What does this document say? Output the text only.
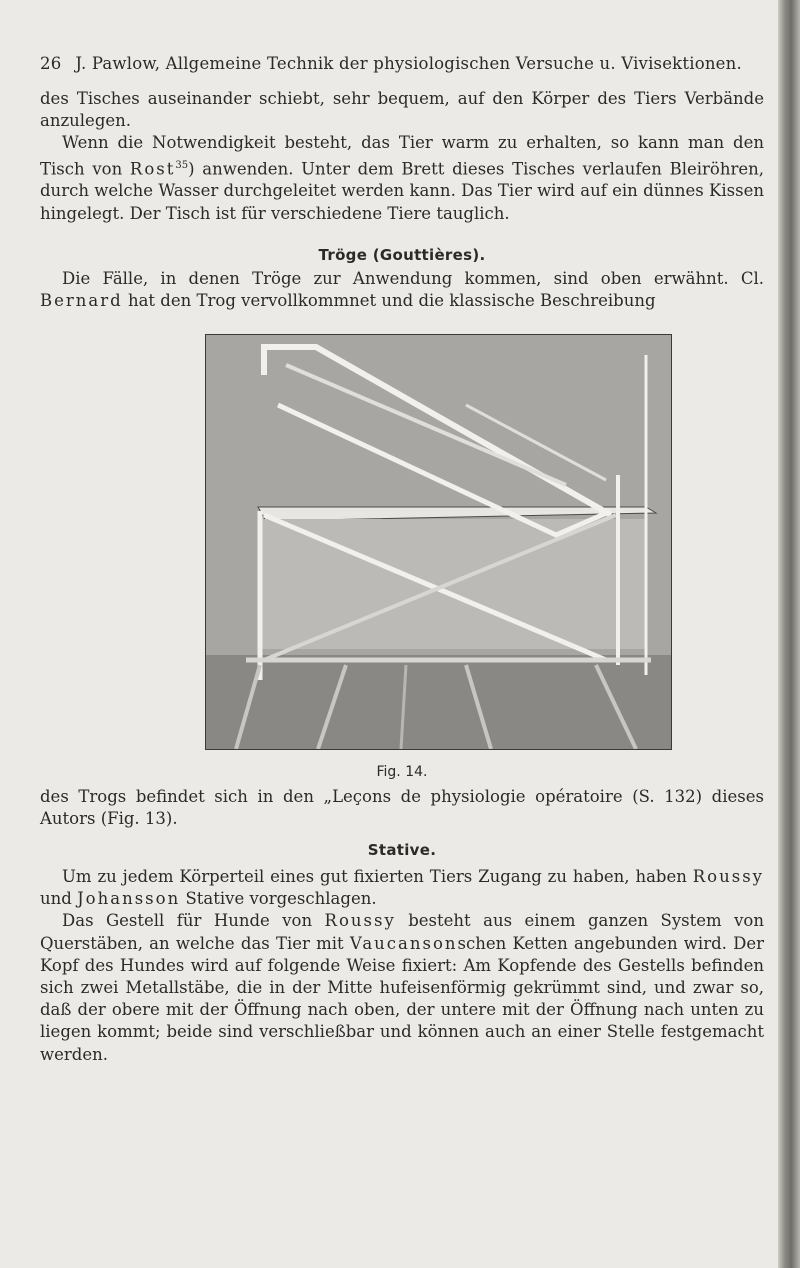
26 J. Pawlow, Allgemeine Technik der physiologischen Versuche u. Vivisektionen.

des Tisches auseinander schiebt, sehr bequem, auf den Körper des Tiers Verbände anzulegen.

Wenn die Notwendigkeit besteht, das Tier warm zu erhalten, so kann man den Tisch von Rost$^{35}$) anwenden. Unter dem Brett dieses Tisches verlaufen Bleiröhren, durch welche Wasser durchgeleitet werden kann. Das Tier wird auf ein dünnes Kissen hingelegt. Der Tisch ist für verschiedene Tiere tauglich.

Tröge (Gouttières).

Die Fälle, in denen Tröge zur Anwendung kommen, sind oben erwähnt. Cl. Bernard hat den Trog vervollkommnet und die klassische Beschreibung

Fig. 14.

des Trogs befindet sich in den „Leçons de physiologie opératoire (S. 132) dieses Autors (Fig. 13).

Stative.

Um zu jedem Körperteil eines gut fixierten Tiers Zugang zu haben, haben Roussy und Johansson Stative vorgeschlagen.

Das Gestell für Hunde von Roussy besteht aus einem ganzen System von Querstäben, an welche das Tier mit Vaucansonschen Ketten angebunden wird. Der Kopf des Hundes wird auf folgende Weise fixiert: Am Kopfende des Gestells befinden sich zwei Metallstäbe, die in der Mitte hufeisenförmig gekrümmt sind, und zwar so, daß der obere mit der Öffnung nach oben, der untere mit der Öffnung nach unten zu liegen kommt; beide sind verschließbar und können auch an einer Stelle festgemacht werden.
